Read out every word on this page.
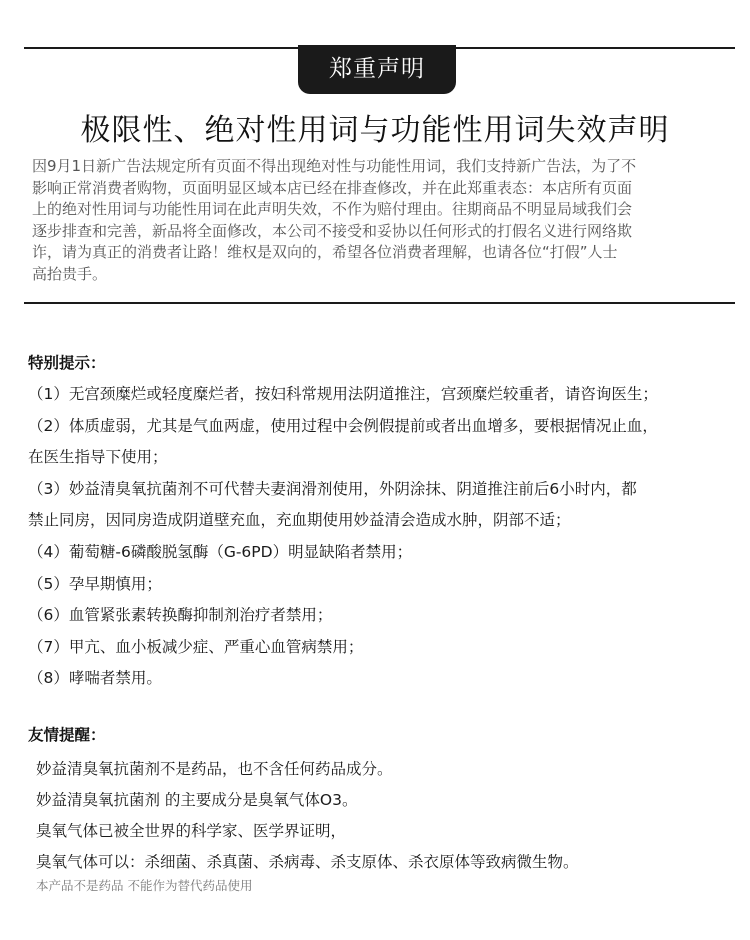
郑重声明
极限性、绝对性用词与功能性用词失效声明
因9月1日新广告法规定所有页面不得出现绝对性与功能性用词，我们支持新广告法，为了不
影响正常消费者购物，页面明显区域本店已经在排查修改，并在此郑重表态：本店所有页面
上的绝对性用词与功能性用词在此声明失效，不作为赔付理由。往期商品不明显局域我们会
逐步排查和完善，新品将全面修改，本公司不接受和妥协以任何形式的打假名义进行网络欺
诈，请为真正的消费者让路！维权是双向的，希望各位消费者理解，也请各位“打假”人士
高抬贵手。
特别提示：
（1）无宫颈糜烂或轻度糜烂者，按妇科常规用法阴道推注，宫颈糜烂较重者，请咨询医生；
（2）体质虚弱，尤其是气血两虚，使用过程中会例假提前或者出血增多，要根据情况止血，
在医生指导下使用；
（3）妙益清臭氧抗菌剂不可代替夫妻润滑剂使用，外阴涂抹、阴道推注前后6小时内，都
禁止同房，因同房造成阴道壁充血，充血期使用妙益清会造成水肿，阴部不适；
（4）葡萄糖-6磷酸脱氢酶（G-6PD）明显缺陷者禁用；
（5）孕早期慎用；
（6）血管紧张素转换酶抑制剂治疗者禁用；
（7）甲亢、血小板减少症、严重心血管病禁用；
（8）哮喘者禁用。
友情提醒：
妙益清臭氧抗菌剂不是药品，也不含任何药品成分。
妙益清臭氧抗菌剂 的主要成分是臭氧气体O3。
臭氧气体已被全世界的科学家、医学界证明，
臭氧气体可以：杀细菌、杀真菌、杀病毒、杀支原体、杀衣原体等致病微生物。
本产品不是药品 不能作为替代药品使用
